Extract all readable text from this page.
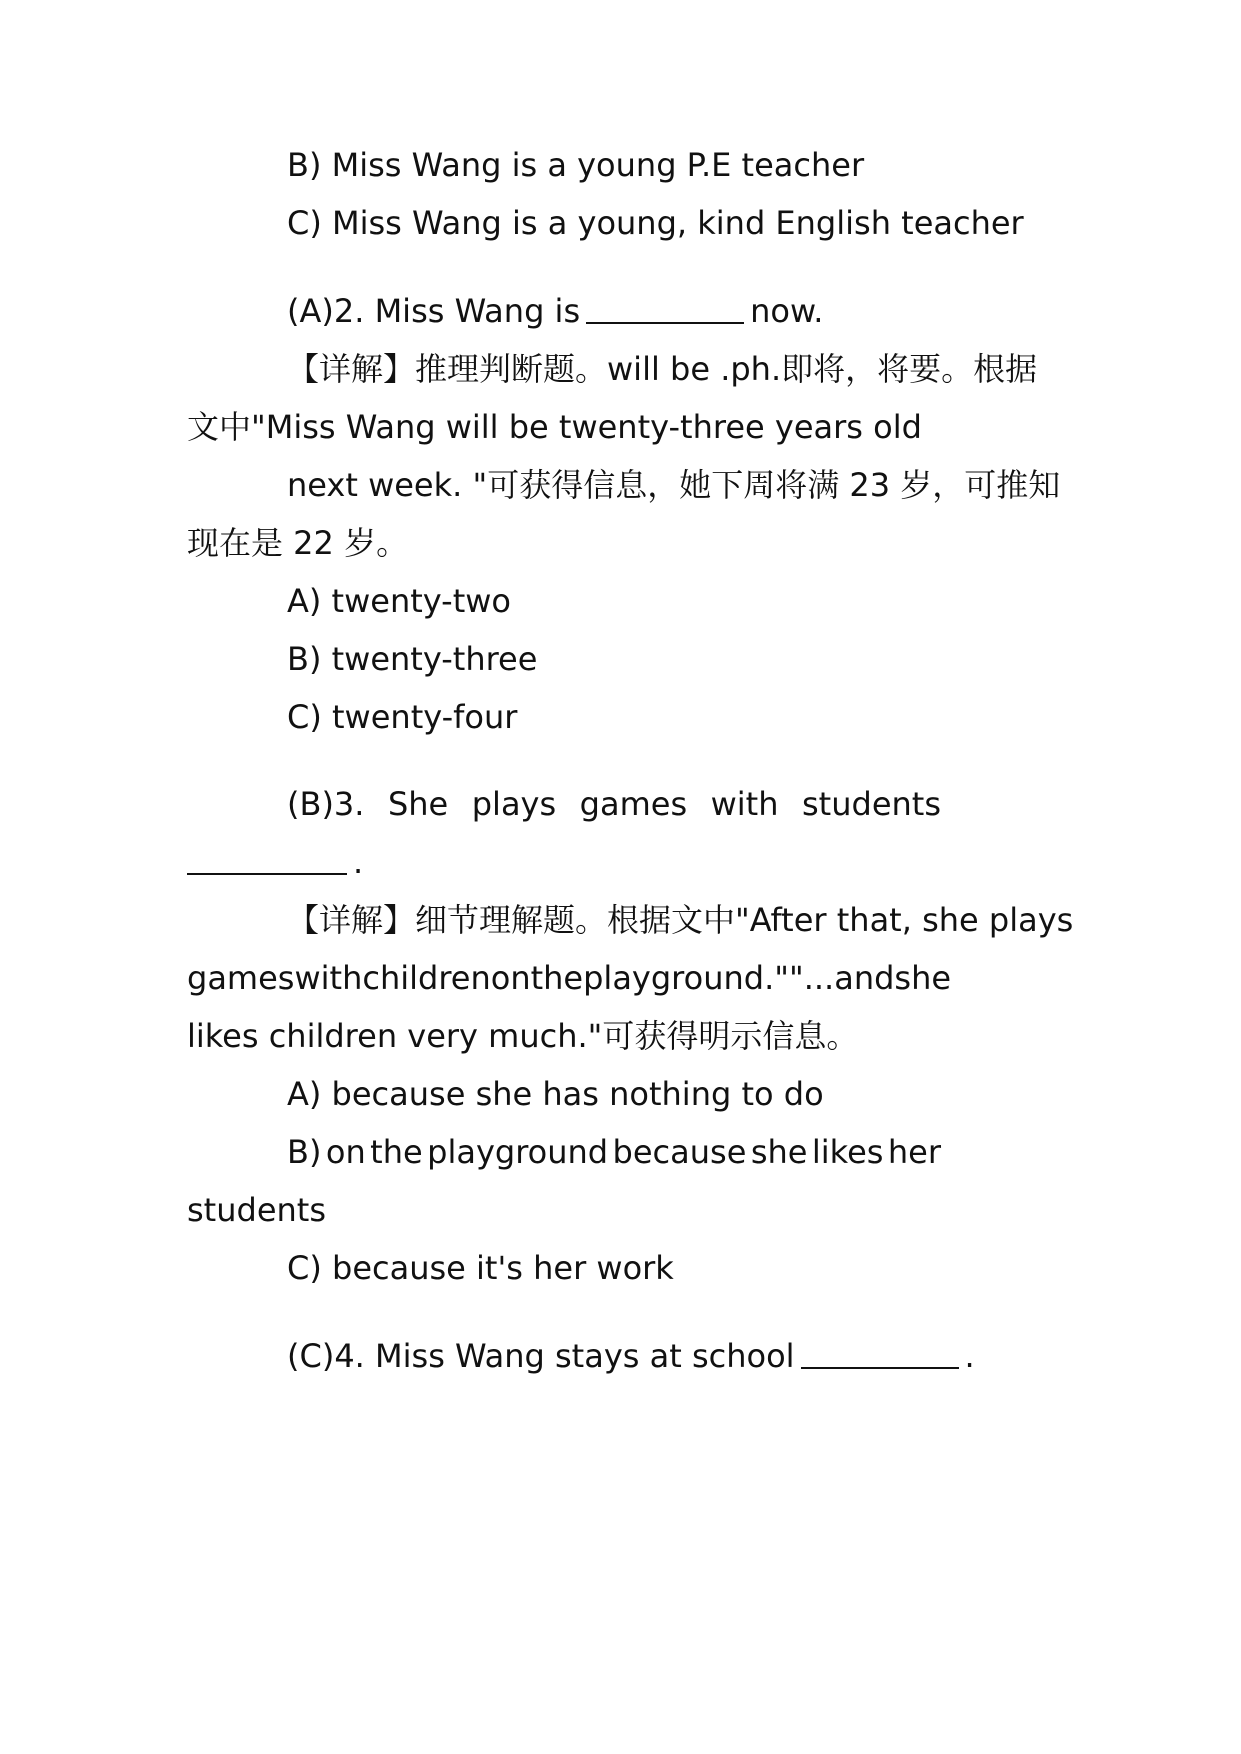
B) Miss Wang is a young P.E teacher
C) Miss Wang is a young, kind English teacher
(A)2. Miss Wang is	now.
【详解】推理判断题。will be .ph.即将，将要。根据
文中"Miss Wang will be twenty-three years old
next week. "可获得信息，她下周将满 23 岁，可推知
现在是 22 岁。
A) twenty-two
B) twenty-three
C) twenty-four
(B)3. She plays games with students
.
【详解】细节理解题。根据文中"After that, she plays
games with children on the playground." "...and she
likes children very much."可获得明示信息。
A) because she has nothing to do
B) on the playground because she likes her
students
C) because it's her work
(C)4. Miss Wang stays at school	.
